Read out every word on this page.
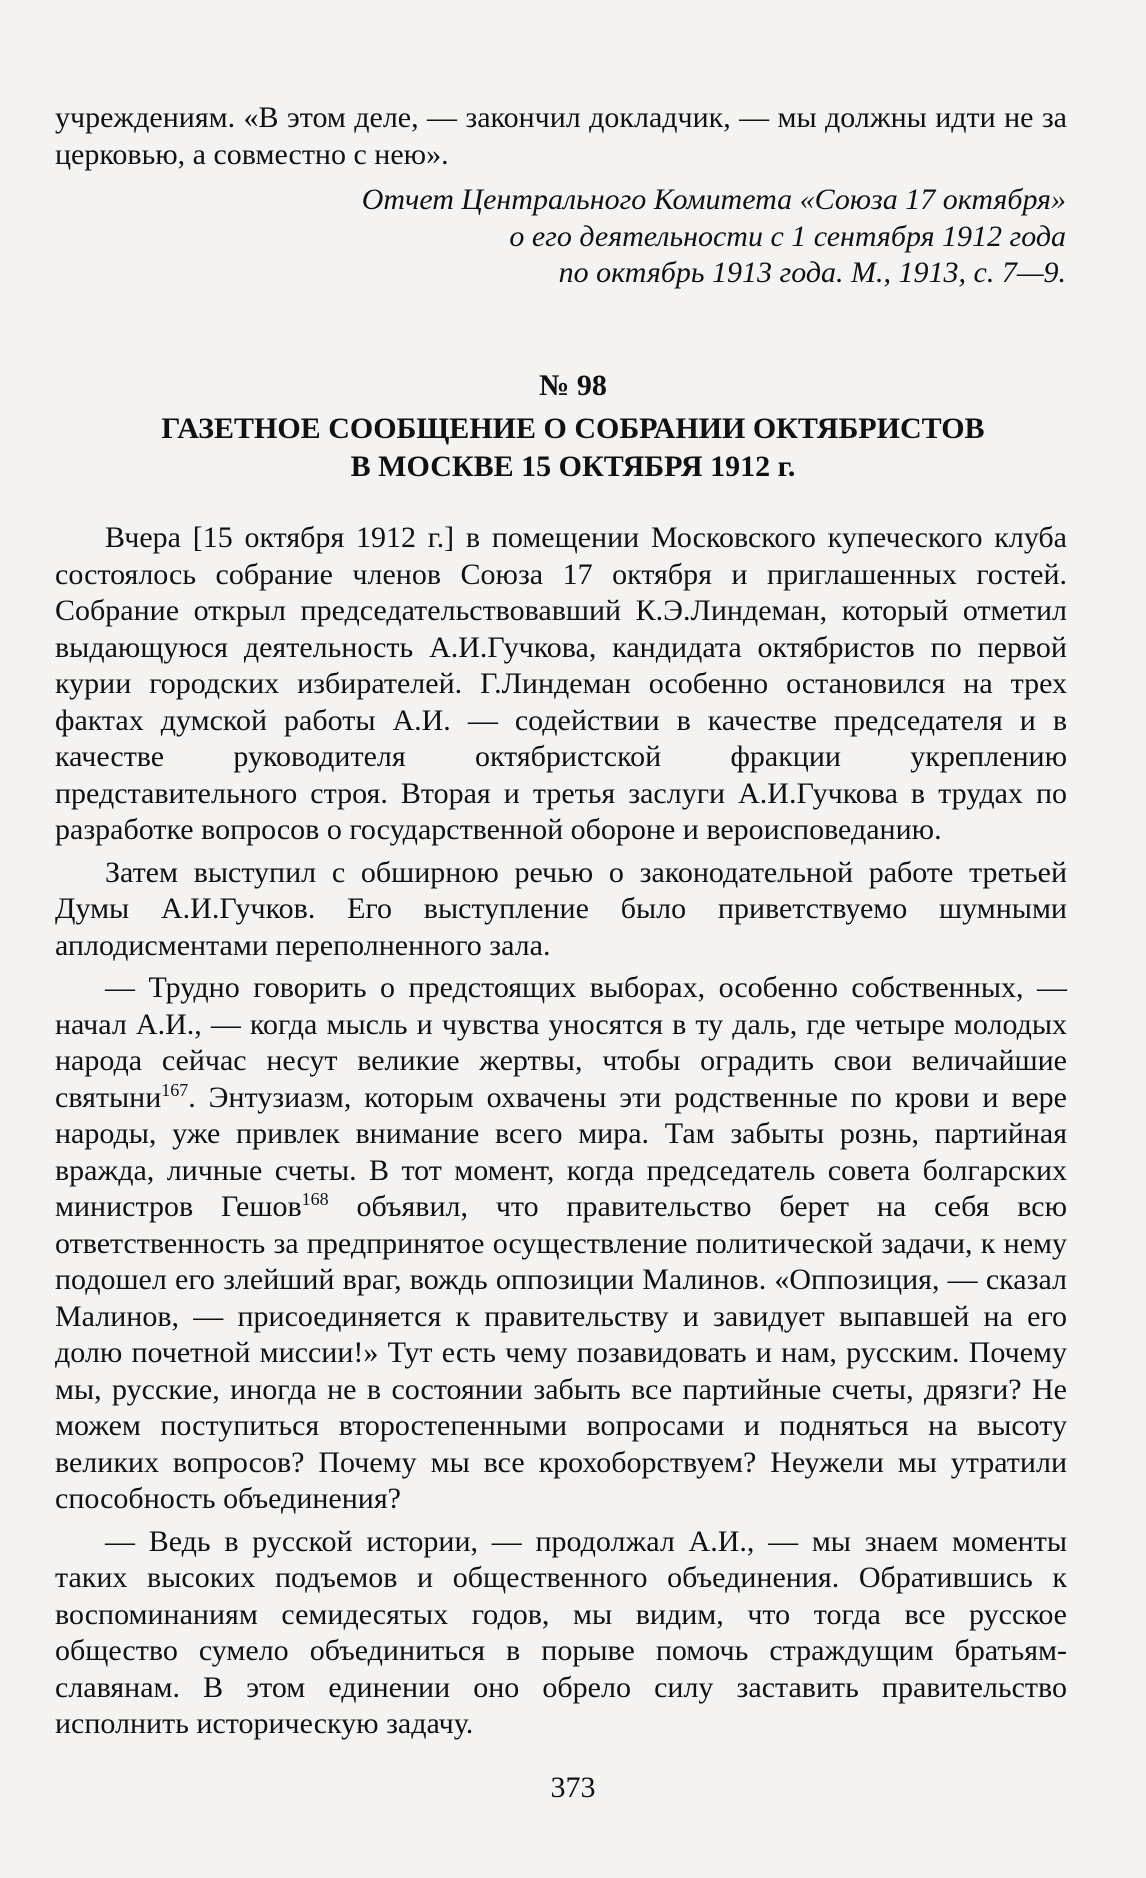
учреждениям. «В этом деле, — закончил докладчик, — мы должны идти не за церковью, а совместно с нею».

Отчет Центрального Комитета «Союза 17 октября»
о его деятельности с 1 сентября 1912 года
по октябрь 1913 года. М., 1913, с. 7—9.
№ 98
ГАЗЕТНОЕ СООБЩЕНИЕ О СОБРАНИИ ОКТЯБРИСТОВ
В МОСКВЕ 15 ОКТЯБРЯ 1912 г.

Вчера [15 октября 1912 г.] в помещении Московского купеческого клуба состоялось собрание членов Союза 17 октября и приглашенных гостей. Собрание открыл председательствовавший К.Э.Линдеман, который отметил выдающуюся деятельность А.И.Гучкова, кандидата октябристов по первой курии городских избирателей. Г.Линдеман особенно остановился на трех фактах думской работы А.И. — содействии в качестве председателя и в качестве руководителя октябристской фракции укреплению представительного строя. Вторая и третья заслуги А.И.Гучкова в трудах по разработке вопросов о государственной обороне и вероисповеданию.

Затем выступил с обширною речью о законодательной работе третьей Думы А.И.Гучков. Его выступление было приветствуемо шумными аплодисментами переполненного зала.

— Трудно говорить о предстоящих выборах, особенно собственных, — начал А.И., — когда мысль и чувства уносятся в ту даль, где четыре молодых народа сейчас несут великие жертвы, чтобы оградить свои величайшие святыни$^{167}$. Энтузиазм, которым охвачены эти родственные по крови и вере народы, уже привлек внимание всего мира. Там забыты рознь, партийная вражда, личные счеты. В тот момент, когда председатель совета болгарских министров Гешов$^{168}$ объявил, что правительство берет на себя всю ответственность за предпринятое осуществление политической задачи, к нему подошел его злейший враг, вождь оппозиции Малинов. «Оппозиция, — сказал Малинов, — присоединяется к правительству и завидует выпавшей на его долю почетной миссии!» Тут есть чему позавидовать и нам, русским. Почему мы, русские, иногда не в состоянии забыть все партийные счеты, дрязги? Не можем поступиться второстепенными вопросами и подняться на высоту великих вопросов? Почему мы все крохоборствуем? Неужели мы утратили способность объединения?

— Ведь в русской истории, — продолжал А.И., — мы знаем моменты таких высоких подъемов и общественного объединения. Обратившись к воспоминаниям семидесятых годов, мы видим, что тогда все русское общество сумело объединиться в порыве помочь страждущим братьям-славянам. В этом единении оно обрело силу заставить правительство исполнить историческую задачу.

373
